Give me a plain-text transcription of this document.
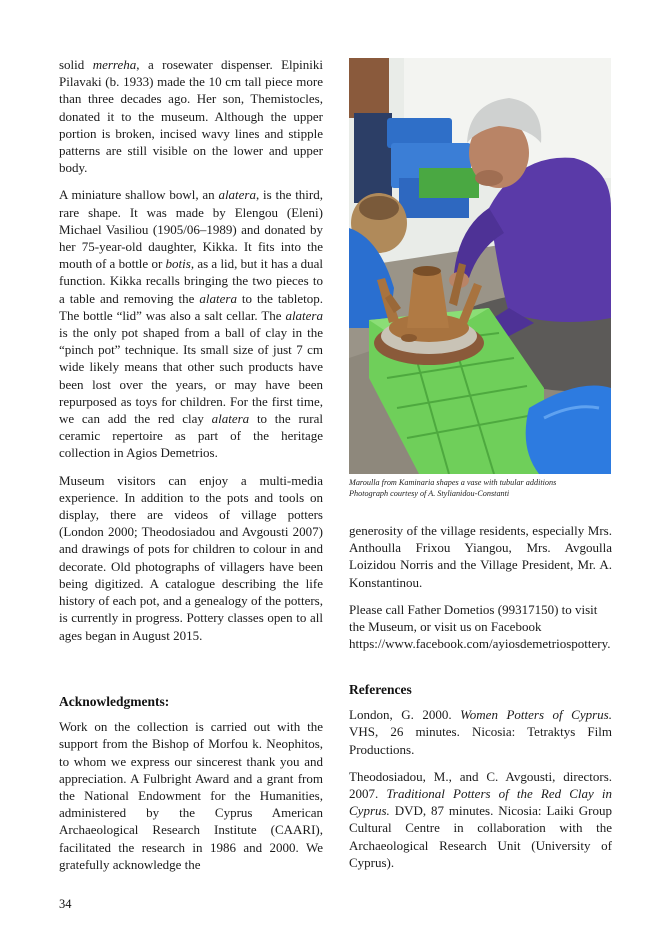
solid merreha, a rosewater dispenser. Elpiniki Pilavaki (b. 1933) made the 10 cm tall piece more than three decades ago. Her son, Themistocles, donated it to the museum. Although the upper portion is broken, incised wavy lines and stipple patterns are still visible on the lower and upper body.

A miniature shallow bowl, an alatera, is the third, rare shape. It was made by Elengou (Eleni) Michael Vasiliou (1905/06–1989) and donated by her 75-year-old daughter, Kikka. It fits into the mouth of a bottle or botis, as a lid, but it has a dual function. Kikka recalls bringing the two pieces to a table and removing the alatera to the tabletop. The bottle “lid” was also a salt cellar. The alatera is the only pot shaped from a ball of clay in the “pinch pot” technique. Its small size of just 7 cm wide likely means that other such products have been lost over the years, or may have been repurposed as toys for children. For the first time, we can add the red clay alatera to the rural ceramic repertoire as part of the heritage collection in Agios Demetrios.

Museum visitors can enjoy a multi-media experience. In addition to the pots and tools on display, there are videos of village potters (London 2000; Theodosiadou and Avgousti 2007) and drawings of pots for children to colour in and decorate. Old photographs of villagers have been being digitized. A catalogue describing the life history of each pot, and a genealogy of the potters, is currently in progress. Pottery classes open to all ages began in August 2015.

Acknowledgments:

Work on the collection is carried out with the support from the Bishop of Morfou k. Neophitos, to whom we express our sincerest thank you and appreciation. A Fulbright Award and a grant from the National Endowment for the Humanities, administered by the Cyprus American Archaeological Research Institute (CAARI), facilitated the research in 1986 and 2000. We gratefully acknowledge the

Maroulla from Kaminaria shapes a vase with tubular additions
Photograph courtesy of A. Stylianidou-Constanti

generosity of the village residents, especially Mrs. Anthoulla Frixou Yiangou, Mrs. Avgoulla Loizidou Norris and the Village President, Mr. A. Konstantinou.

Please call Father Dometios (99317150) to visit the Museum, or visit us on Facebook https://www.facebook.com/ayiosdemetriospottery.

References
London, G. 2000. Women Potters of Cyprus. VHS, 26 minutes. Nicosia: Tetraktys Film Productions.
Theodosiadou, M., and C. Avgousti, directors. 2007. Traditional Potters of the Red Clay in Cyprus. DVD, 87 minutes. Nicosia: Laiki Group Cultural Centre in collaboration with the Archaeological Research Unit (University of Cyprus).
34
